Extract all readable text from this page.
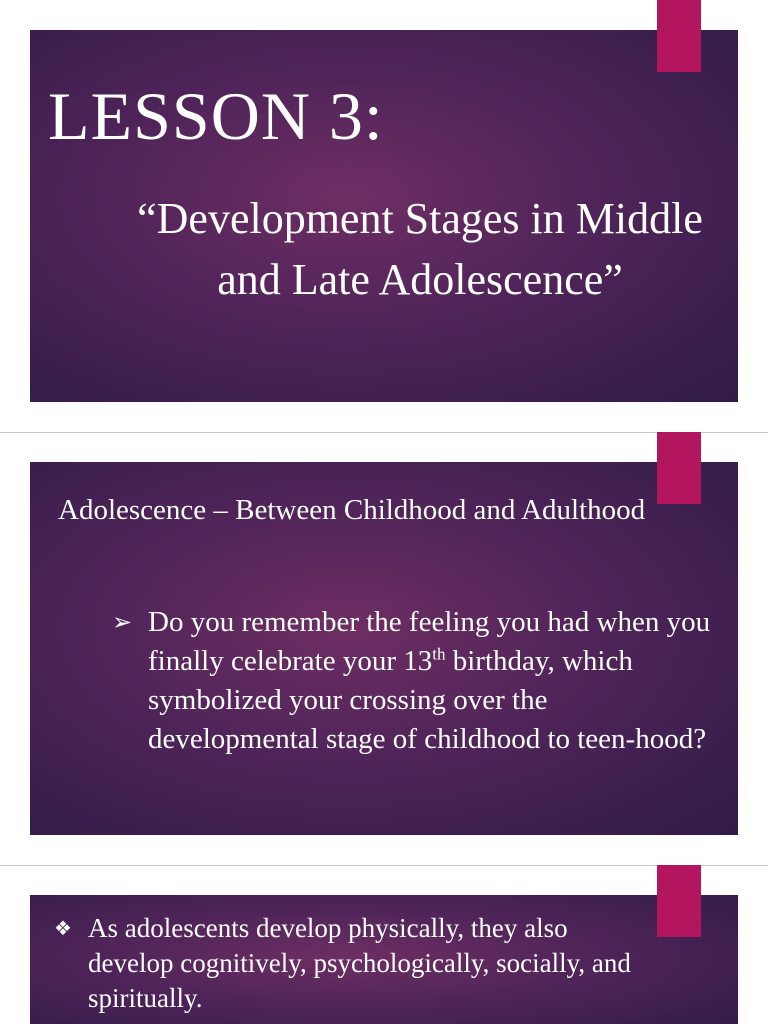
LESSON 3:
“Development Stages in Middle and Late Adolescence”
Adolescence – Between Childhood and Adulthood
➢ Do you remember the feeling you had when you finally celebrate your 13th birthday, which symbolized your crossing over the developmental stage of childhood to teen-hood?
❖ As adolescents develop physically, they also develop cognitively, psychologically, socially, and spiritually.
